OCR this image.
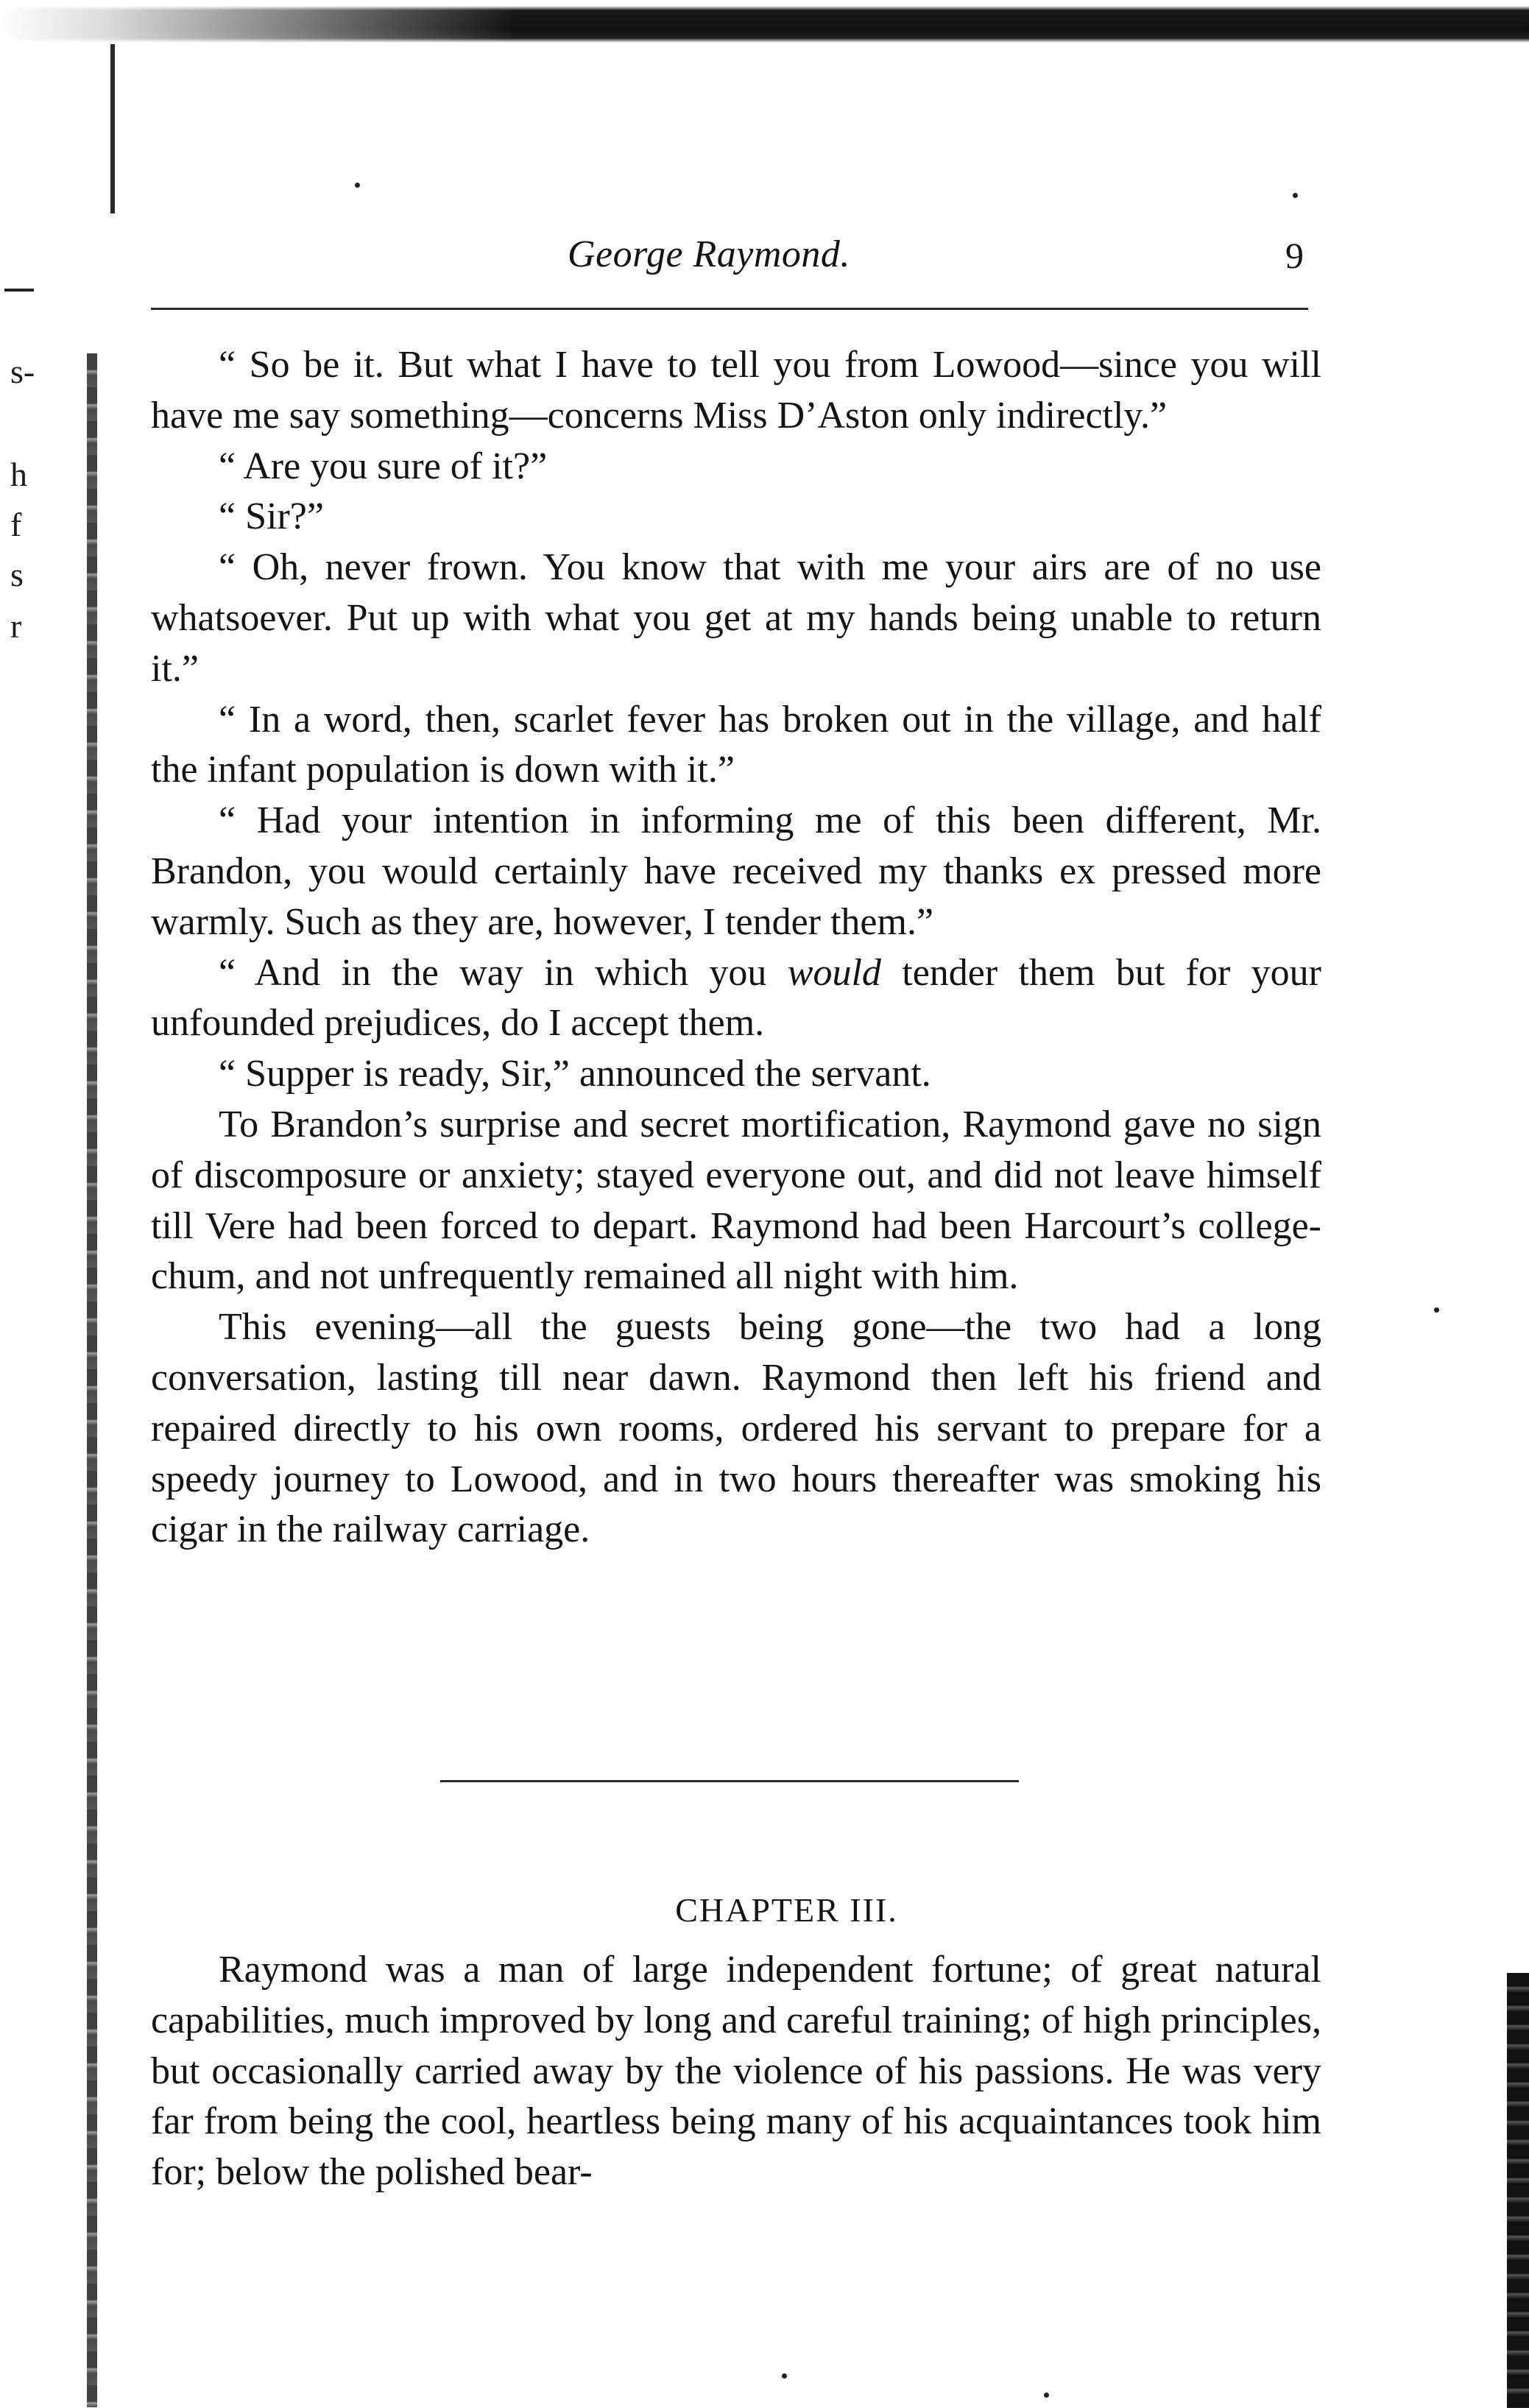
s-
h
f
s
r
George Raymond.	9

“ So be it. But what I have to tell you from Lowood—since you will have me say something—concerns Miss D’Aston only indirectly.”

“ Are you sure of it?”

“ Sir?”

“ Oh, never frown. You know that with me your airs are of no use whatsoever. Put up with what you get at my hands being unable to return it.”

“ In a word, then, scarlet fever has broken out in the village, and half the infant population is down with it.”

“ Had your intention in informing me of this been different, Mr. Brandon, you would certainly have received my thanks ex pressed more warmly. Such as they are, however, I tender them.”

“ And in the way in which you would tender them but for your unfounded prejudices, do I accept them.

“ Supper is ready, Sir,” announced the servant.

To Brandon’s surprise and secret mortification, Raymond gave no sign of discomposure or anxiety; stayed everyone out, and did not leave himself till Vere had been forced to depart. Raymond had been Harcourt’s college-chum, and not unfrequently remained all night with him.

This evening—all the guests being gone—the two had a long conversation, lasting till near dawn. Raymond then left his friend and repaired directly to his own rooms, ordered his servant to prepare for a speedy journey to Lowood, and in two hours thereafter was smoking his cigar in the railway carriage.

CHAPTER III.

Raymond was a man of large independent fortune; of great natural capabilities, much improved by long and careful training; of high principles, but occasionally carried away by the violence of his passions. He was very far from being the cool, heartless being many of his acquaintances took him for; below the polished bear-
